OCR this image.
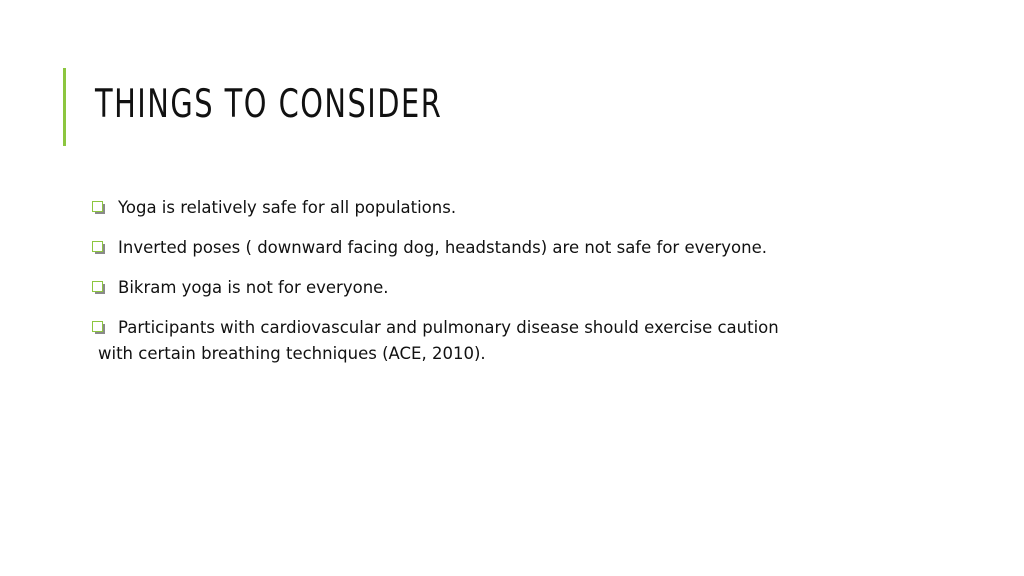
THINGS TO CONSIDER
Yoga is relatively safe for all populations.
Inverted poses ( downward facing dog, headstands) are not safe for everyone.
Bikram yoga is not for everyone.
Participants with cardiovascular and pulmonary disease should exercise caution
with certain breathing techniques (ACE, 2010).
